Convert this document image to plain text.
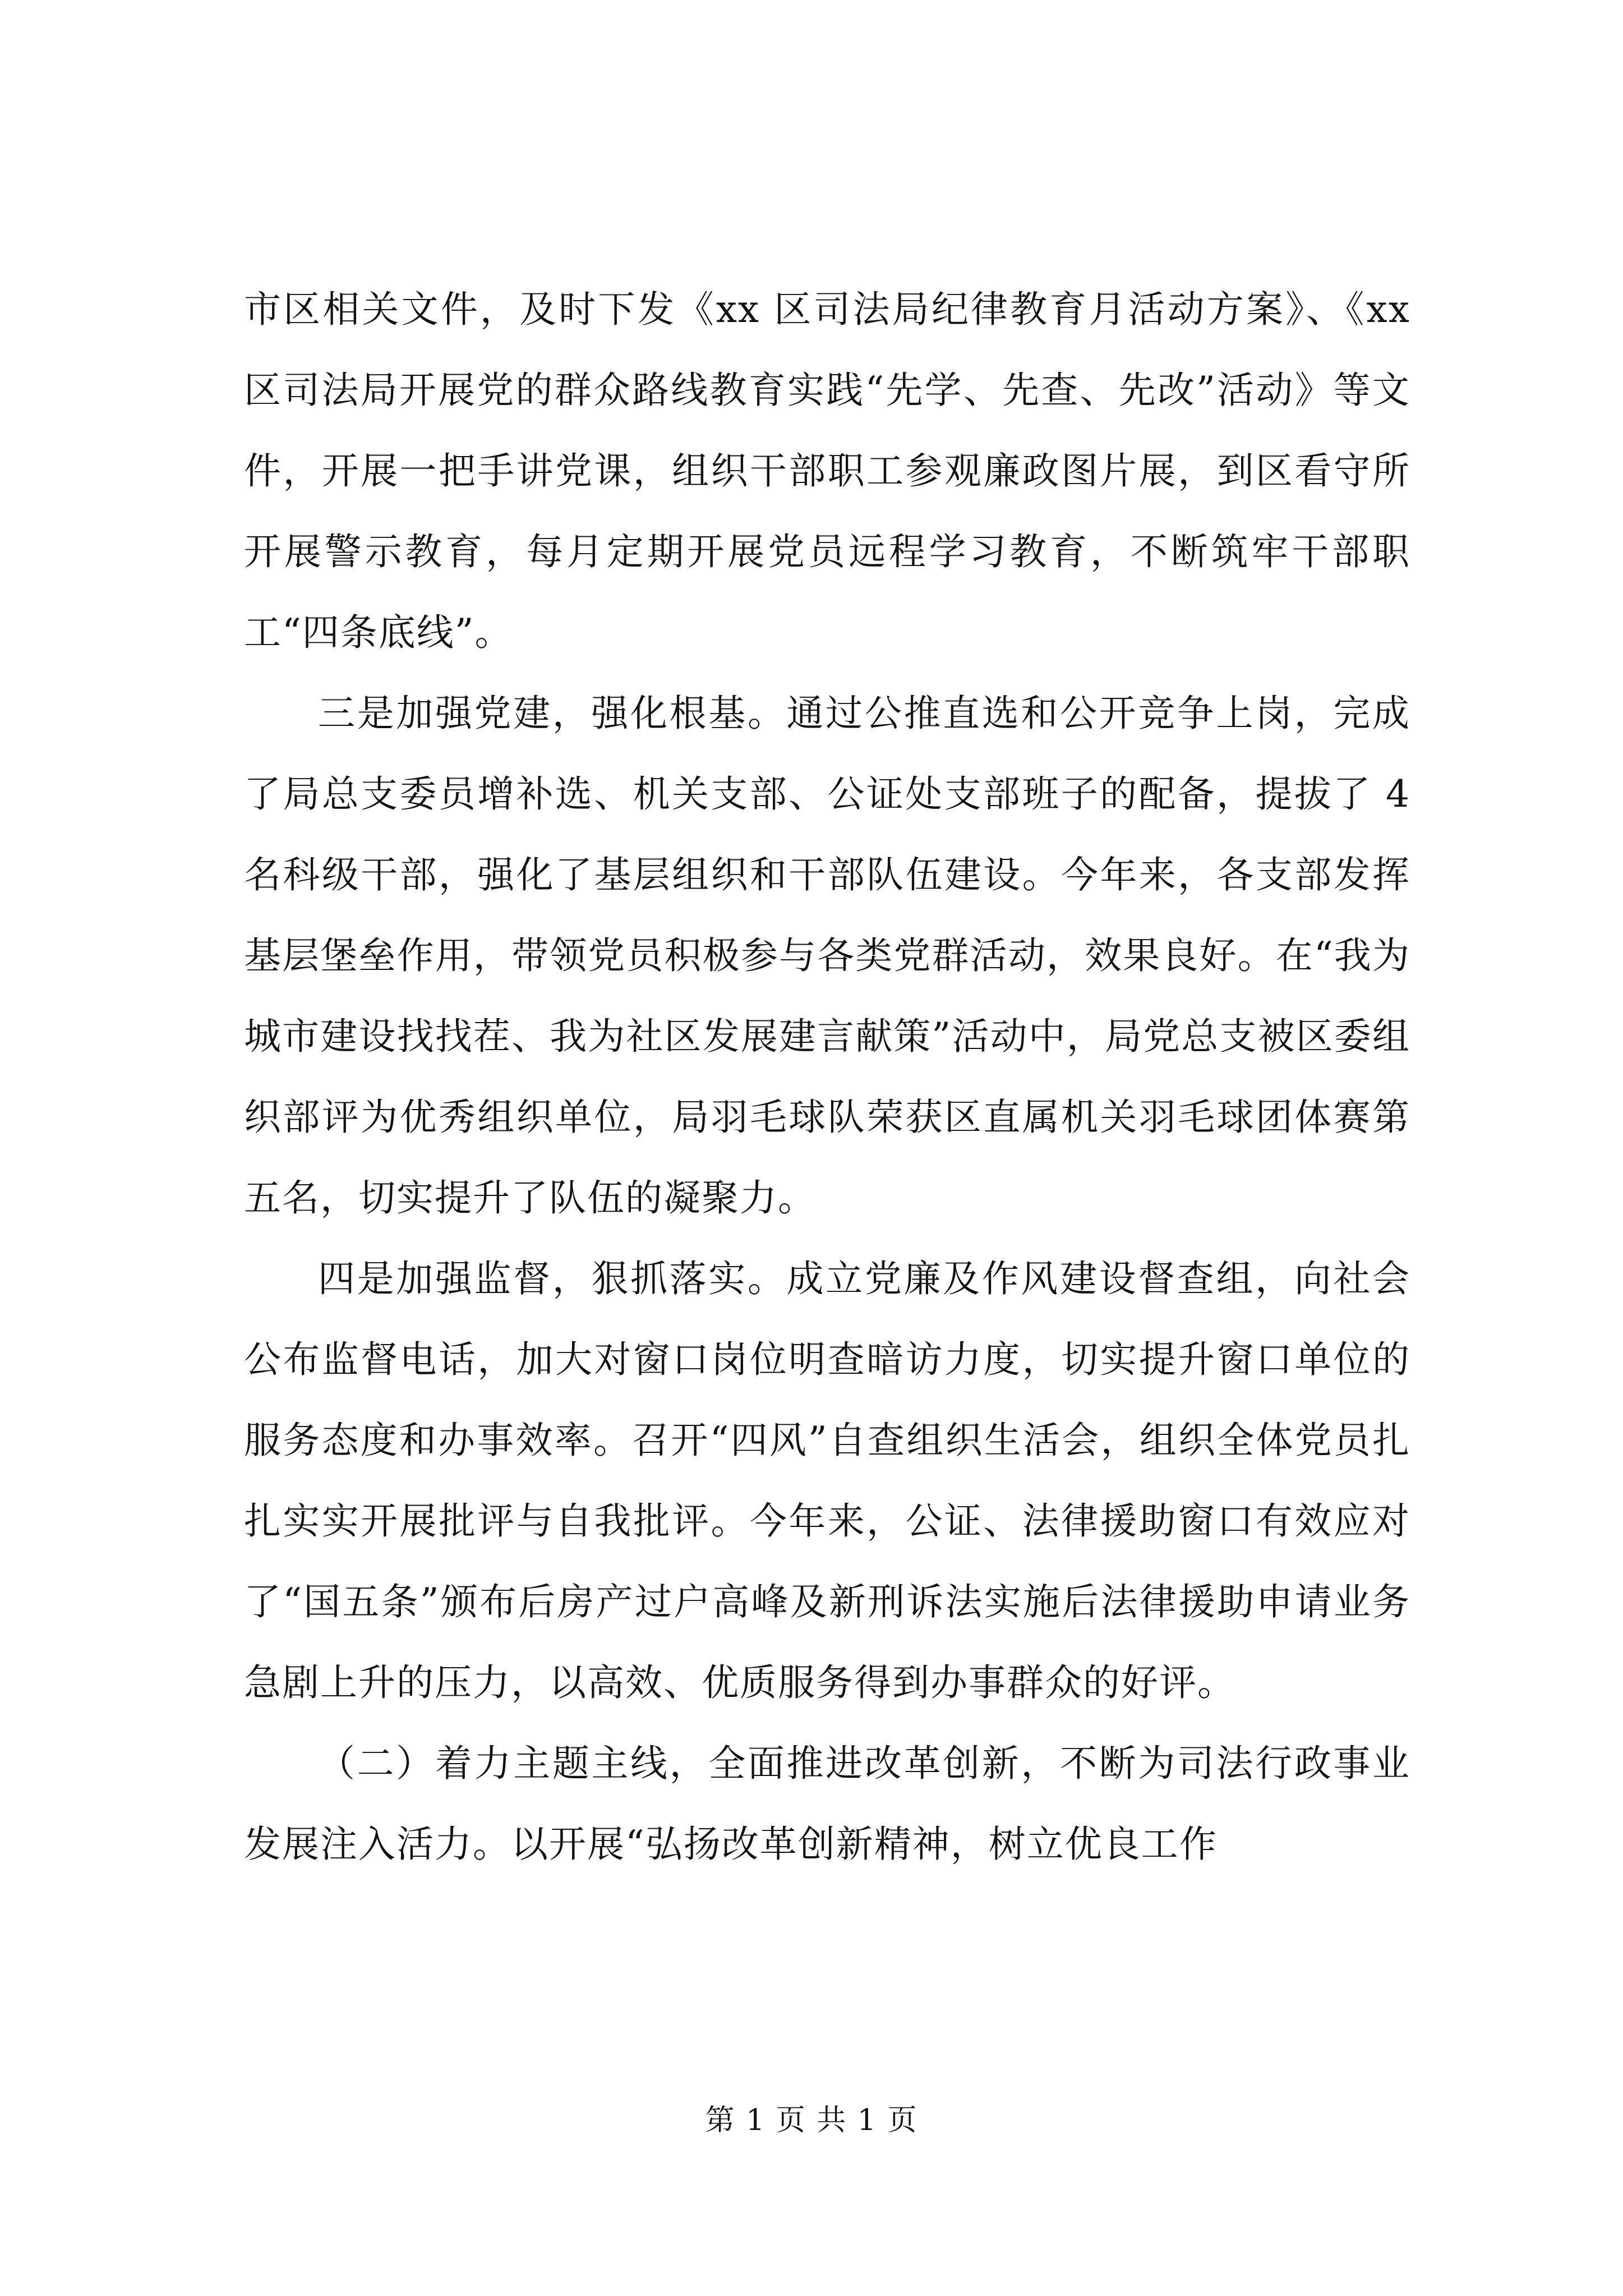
市区相关文件，及时下发《xx 区司法局纪律教育月活动方案》、《xx 区司法局开展党的群众路线教育实践“先学、先查、先改”活动》等文件，开展一把手讲党课，组织干部职工参观廉政图片展，到区看守所开展警示教育，每月定期开展党员远程学习教育，不断筑牢干部职工“四条底线”。

三是加强党建，强化根基。通过公推直选和公开竞争上岗，完成了局总支委员增补选、机关支部、公证处支部班子的配备，提拔了 4 名科级干部，强化了基层组织和干部队伍建设。今年来，各支部发挥基层堡垒作用，带领党员积极参与各类党群活动，效果良好。在“我为城市建设找找茬、我为社区发展建言献策”活动中，局党总支被区委组织部评为优秀组织单位，局羽毛球队荣获区直属机关羽毛球团体赛第五名，切实提升了队伍的凝聚力。

四是加强监督，狠抓落实。成立党廉及作风建设督查组，向社会公布监督电话，加大对窗口岗位明查暗访力度，切实提升窗口单位的服务态度和办事效率。召开“四风”自查组织生活会，组织全体党员扎扎实实开展批评与自我批评。今年来，公证、法律援助窗口有效应对了“国五条”颁布后房产过户高峰及新刑诉法实施后法律援助申请业务急剧上升的压力，以高效、优质服务得到办事群众的好评。

（二）着力主题主线，全面推进改革创新，不断为司法行政事业发展注入活力。以开展“弘扬改革创新精神，树立优良工作

第 1 页 共 1 页
